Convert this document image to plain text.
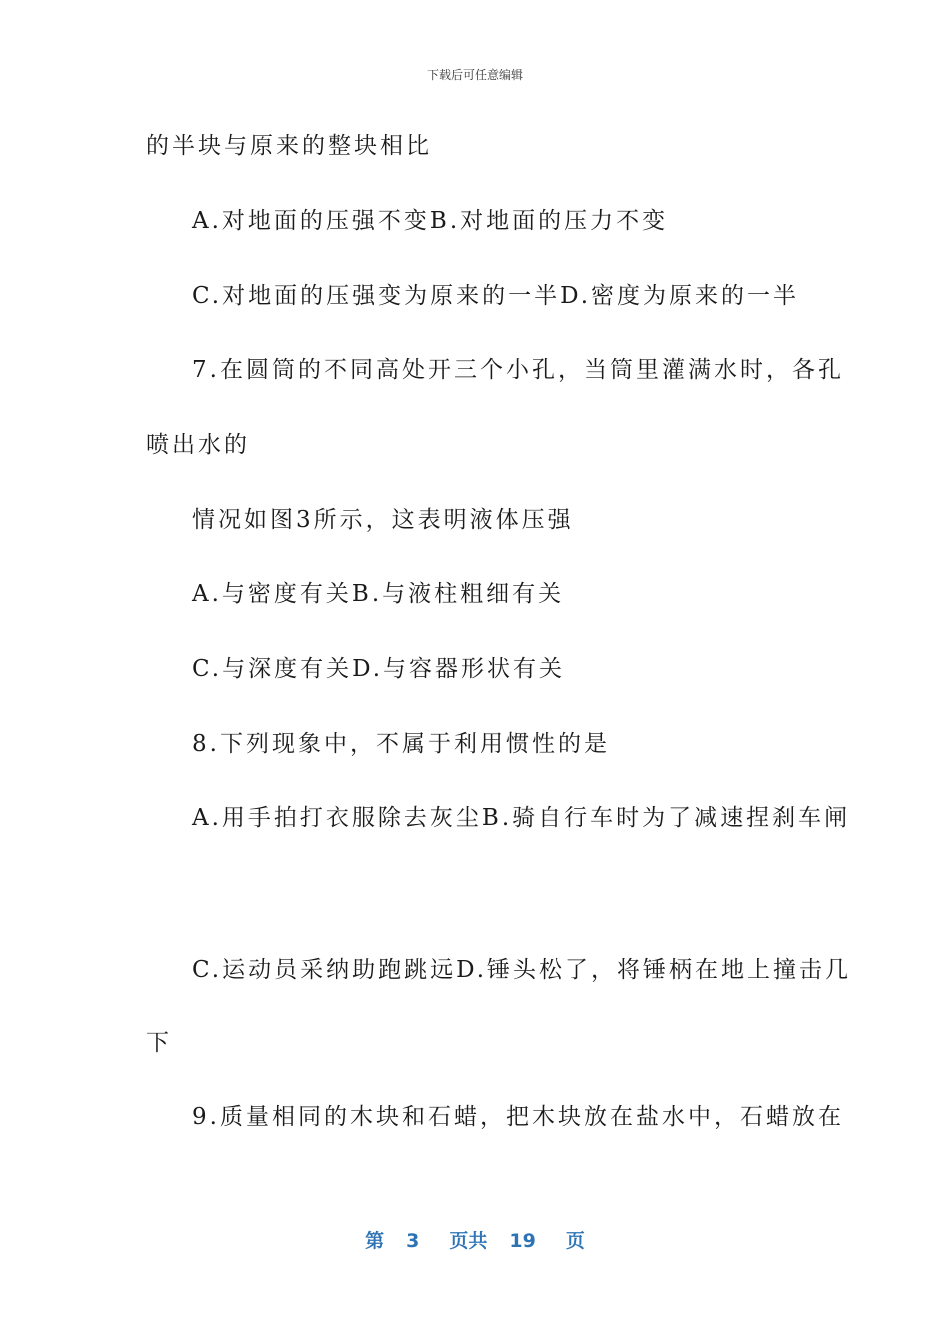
下载后可任意编辑
的半块与原来的整块相比
A.对地面的压强不变B.对地面的压力不变
C.对地面的压强变为原来的一半D.密度为原来的一半
7.在圆筒的不同高处开三个小孔，当筒里灌满水时，各孔
喷出水的
情况如图3所示，这表明液体压强
A.与密度有关B.与液柱粗细有关
C.与深度有关D.与容器形状有关
8.下列现象中，不属于利用惯性的是
A.用手拍打衣服除去灰尘B.骑自行车时为了减速捏刹车闸
C.运动员采纳助跑跳远D.锤头松了，将锤柄在地上撞击几
下
9.质量相同的木块和石蜡，把木块放在盐水中，石蜡放在
第 3 页共 19 页
